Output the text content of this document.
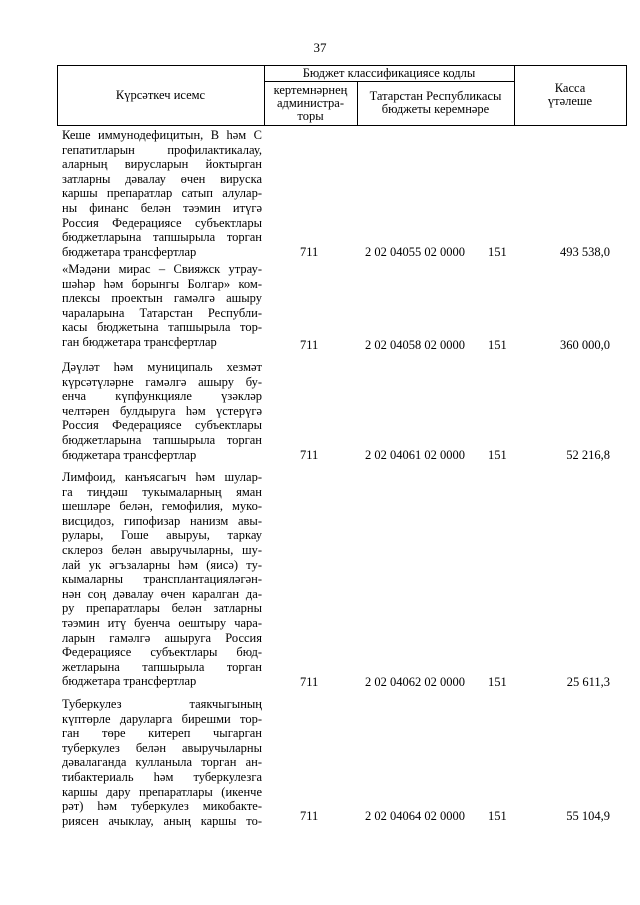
37
Күрсәткеч исемс
Бюджет классификациясе кодлы
кертемнәрнең
администра-
торы
Татарстан Республикасы
бюджеты керемнәре
Касса
үтәлеше
Кеше иммунодефицитын, В һәм С
гепатитларын профилактикалау,
аларның вирусларын йоктырган
затларны дәвалау өчен вируска
каршы препаратлар сатып алулар-
ны финанс белән тәэмин итүгә
Россия Федерациясе субъектлары
бюджетларына тапшырыла торган
бюджетара трансфертлар	711	2 02 04055 02 0000 151	493 538,0
«Мәдәни мирас – Свияжск утрау-
шәһәр һәм борынгы Болгар» ком-
плексы проектын гамәлгә ашыру
чараларына Татарстан Республи-
касы бюджетына тапшырыла тор-
ган бюджетара трансфертлар	711	2 02 04058 02 0000 151	360 000,0
Дәүләт һәм муниципаль хезмәт
күрсәтүләрне гамәлгә ашыру бу-
енча күпфункцияле үзәкләр
челтәрен булдыруга һәм үстерүгә
Россия Федерациясе субъектлары
бюджетларына тапшырыла торган
бюджетара трансфертлар	711	2 02 04061 02 0000 151	52 216,8
Лимфоид, канъясагыч һәм шулар-
га тиңдәш тукымаларның яман
шешләре белән, гемофилия, муко-
висцидоз, гипофизар нанизм авы-
рулары, Гоше авыруы, таркау
склероз белән авыручыларны, шу-
лай ук әгъзаларны һәм (яисә) ту-
кымаларны трансплантацияләгән-
нән соң дәвалау өчен каралган да-
ру препаратлары белән затларны
тәэмин итү буенча оештыру чара-
ларын гамәлгә ашыруга Россия
Федерациясе субъектлары бюд-
жетларына тапшырыла торган
бюджетара трансфертлар	711	2 02 04062 02 0000 151	25 611,3
Туберкулез таякчыгының
күптөрле даруларга бирешми тор-
ган төре китереп чыгарган
туберкулез белән авыручыларны
дәвалаганда кулланыла торган ан-
тибактериаль һәм туберкулезга
каршы дару препаратлары (икенче
рәт) һәм туберкулез микобакте-
риясен ачыклау, аның каршы то-	711	2 02 04064 02 0000 151	55 104,9
